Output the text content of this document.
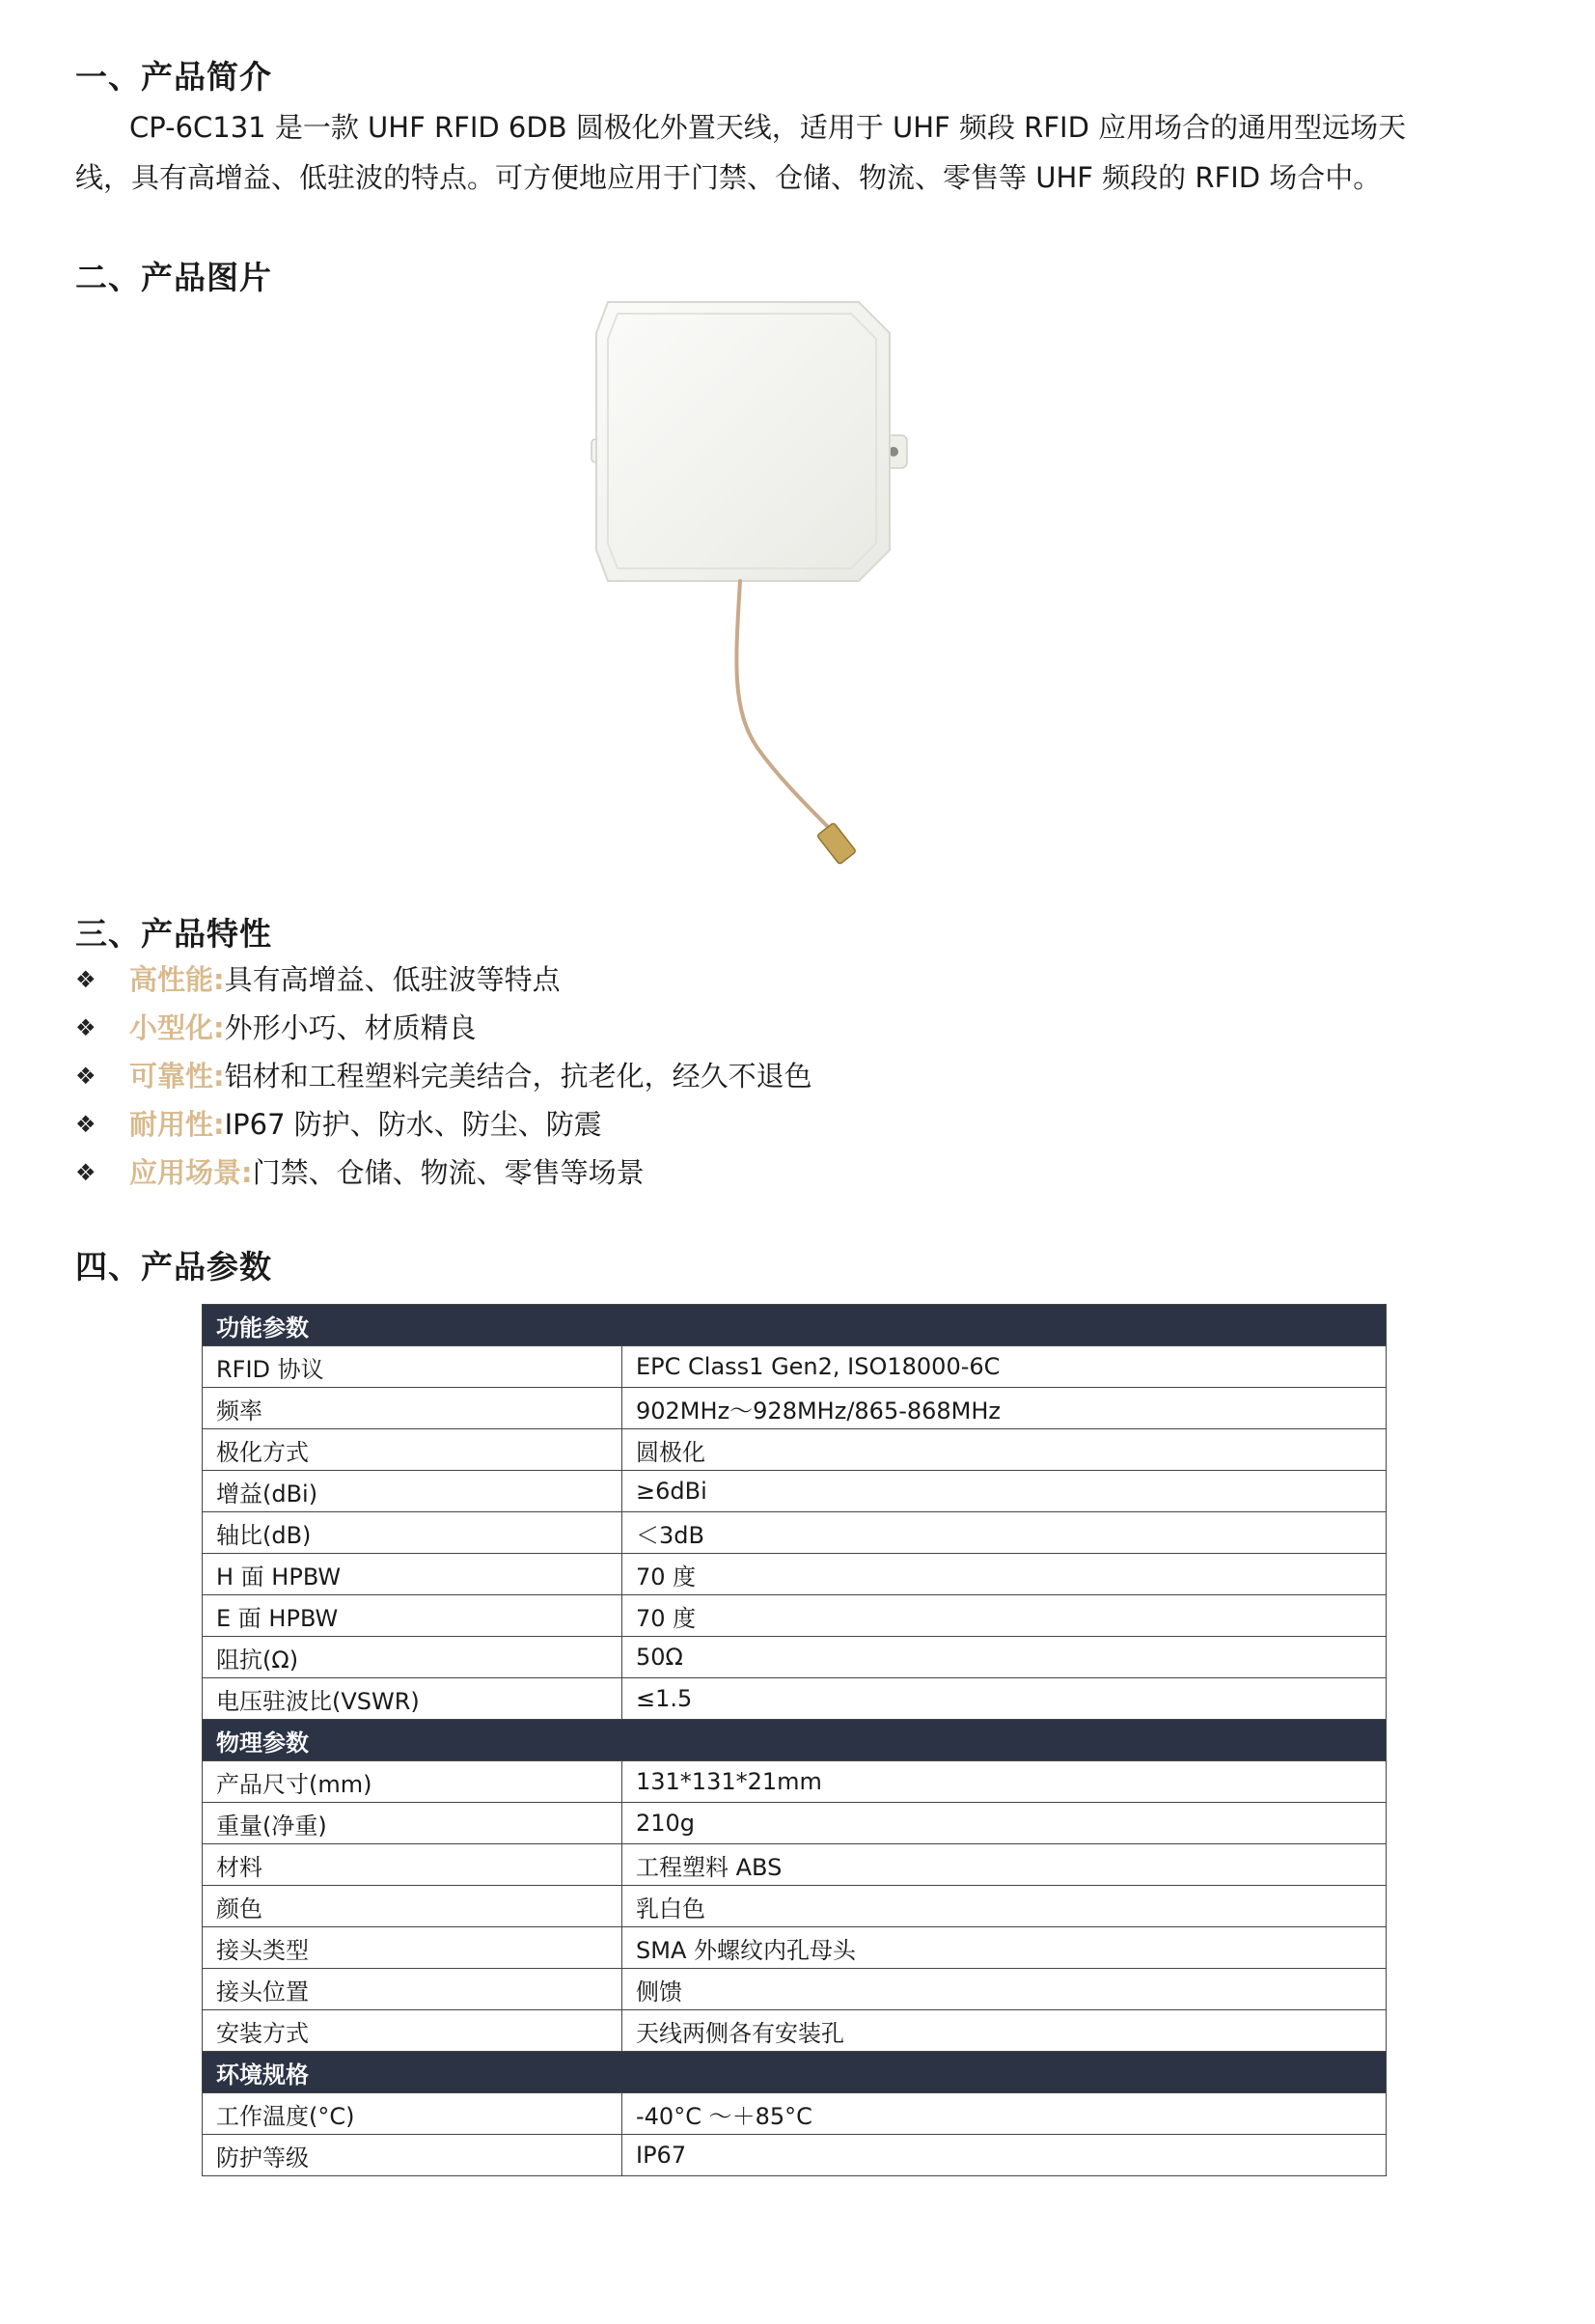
一、产品简介

CP-6C131 是一款 UHF RFID 6DB 圆极化外置天线，适用于 UHF 频段 RFID 应用场合的通用型远场天线，具有高增益、低驻波的特点。可方便地应用于门禁、仓储、物流、零售等 UHF 频段的 RFID 场合中。

二、产品图片
三、产品特性
❖	高性能: 具有高增益、低驻波等特点
❖	小型化: 外形小巧、材质精良
❖	可靠性: 铝材和工程塑料完美结合，抗老化，经久不退色
❖	耐用性: IP67 防护、防水、防尘、防震
❖	应用场景: 门禁、仓储、物流、零售等场景
四、产品参数
功能参数	
RFID 协议	EPC Class1 Gen2, ISO18000-6C
频率	902MHz～928MHz/865-868MHz
极化方式	圆极化
增益(dBi)	≥6dBi
轴比(dB)	＜3dB
H 面 HPBW	70 度
E 面 HPBW	70 度
阻抗(Ω)	50Ω
电压驻波比(VSWR)	≤1.5
物理参数	
产品尺寸(mm)	131*131*21mm
重量(净重)	210g
材料	工程塑料 ABS
颜色	乳白色
接头类型	SMA 外螺纹内孔母头
接头位置	侧馈
安装方式	天线两侧各有安装孔
环境规格	
工作温度(°C)	-40°C ～＋85°C
防护等级	IP67
